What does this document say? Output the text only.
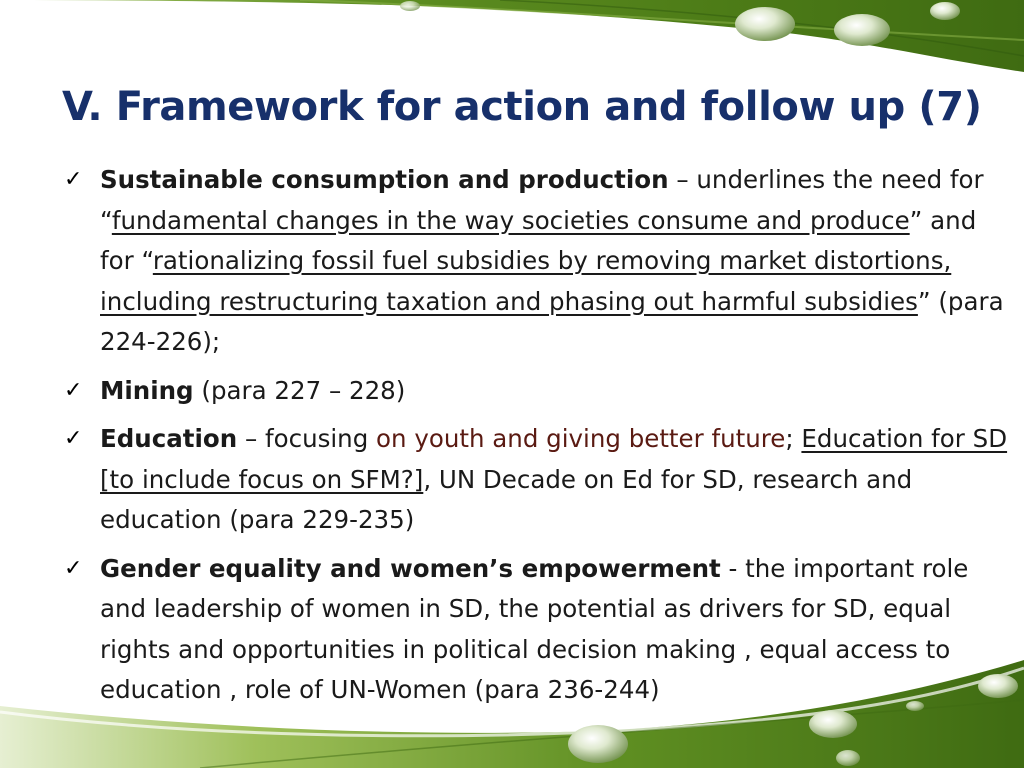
V. Framework for action and follow up (7)
✓ Sustainable consumption and production – underlines the need for “fundamental changes in the way societies consume and produce” and for “rationalizing fossil fuel subsidies by removing market distortions, including restructuring taxation and phasing out harmful subsidies” (para 224-226);
✓ Mining (para 227 – 228)
✓ Education – focusing on youth and giving better future; Education for SD [to include focus on SFM?], UN Decade on Ed for SD, research and education (para 229-235)
✓ Gender equality and women’s empowerment - the important role and leadership of women in SD, the potential as drivers for SD, equal rights and opportunities in political decision making , equal access to education , role of UN-Women (para 236-244)
